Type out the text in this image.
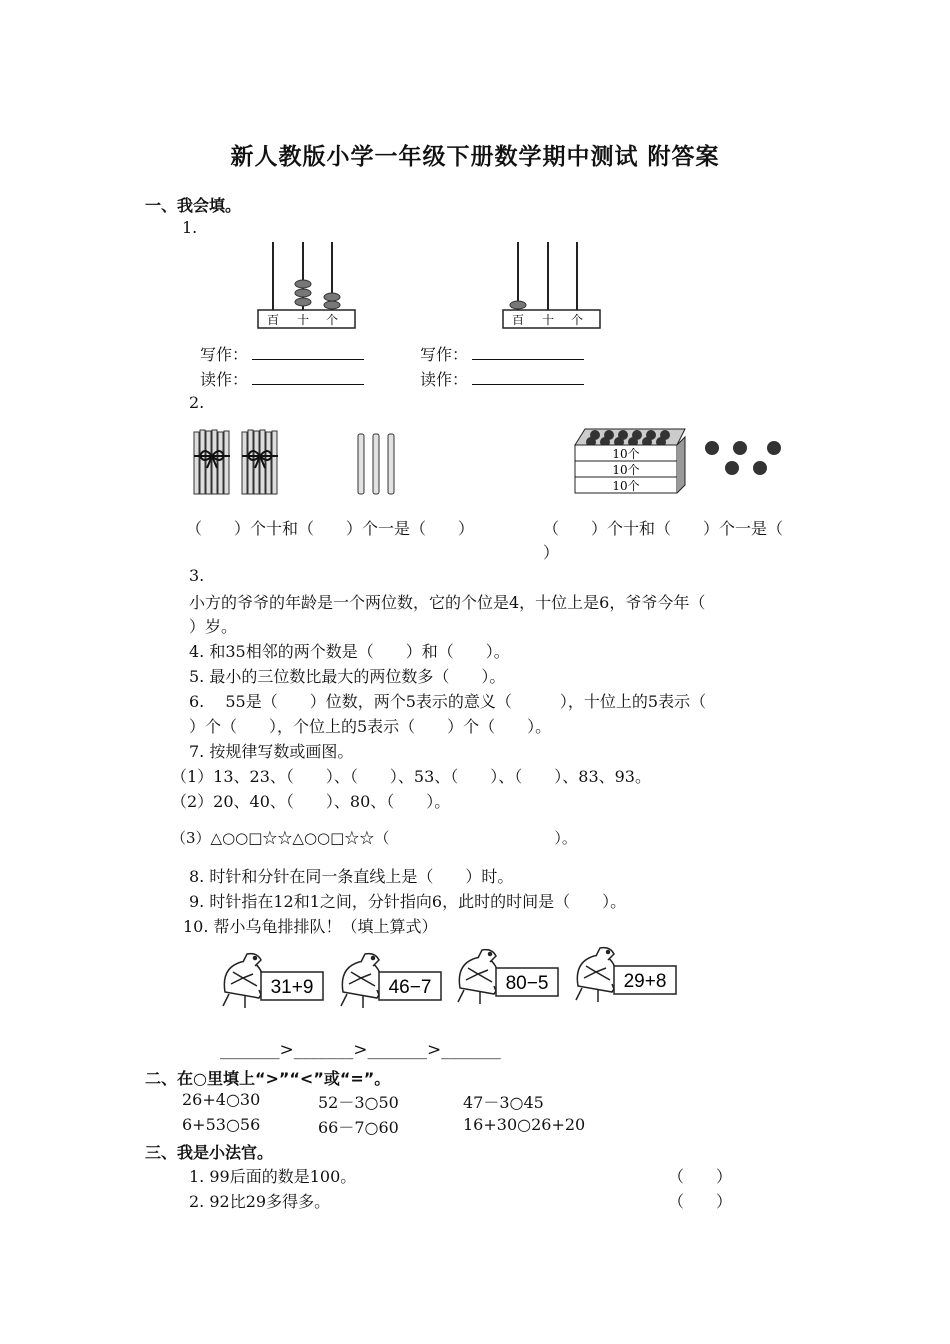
新人教版小学一年级下册数学期中测试 附答案
一、我会填。
1.
百 十 个	百 十 个
写作：	写作：
读作：	读作：
2.
10个
10个
10个
（　　）个十和（　　）个一是（　　）	（　　）个十和（　　）个一是（
）
3.
小方的爷爷的年龄是一个两位数，它的个位是4，十位上是6，爷爷今年（
）岁。
4. 和35相邻的两个数是（　　）和（　　）。
5. 最小的三位数比最大的两位数多（　　）。
6.　 55是（　　）位数，两个5表示的意义（　　　），十位上的5表示（
）个（　　），个位上的5表示（　　）个（　　）。
7. 按规律写数或画图。
（1）13、23、（　　）、（　　）、53、（　　）、（　　）、83、93。
（2）20、40、（　　）、80、（　　）。
（3）△○○□☆☆△○○□☆☆（　　　　　　　　　　　）。
8. 时针和分针在同一条直线上是（　　）时。
9. 时针指在12和1之间，分针指向6，此时的时间是（　　）。
10. 帮小乌龟排排队！（填上算式）
31+9	46−7	80−5	29+8
_______>_______>_______>_______
二、在○里填上“>”“<”或“=”。
26+4○30	52－3○50	47－3○45
6+53○56	66－7○60	16+30○26+20
三、我是小法官。
1. 99后面的数是100。	（　　）
2. 92比29多得多。	（　　）
